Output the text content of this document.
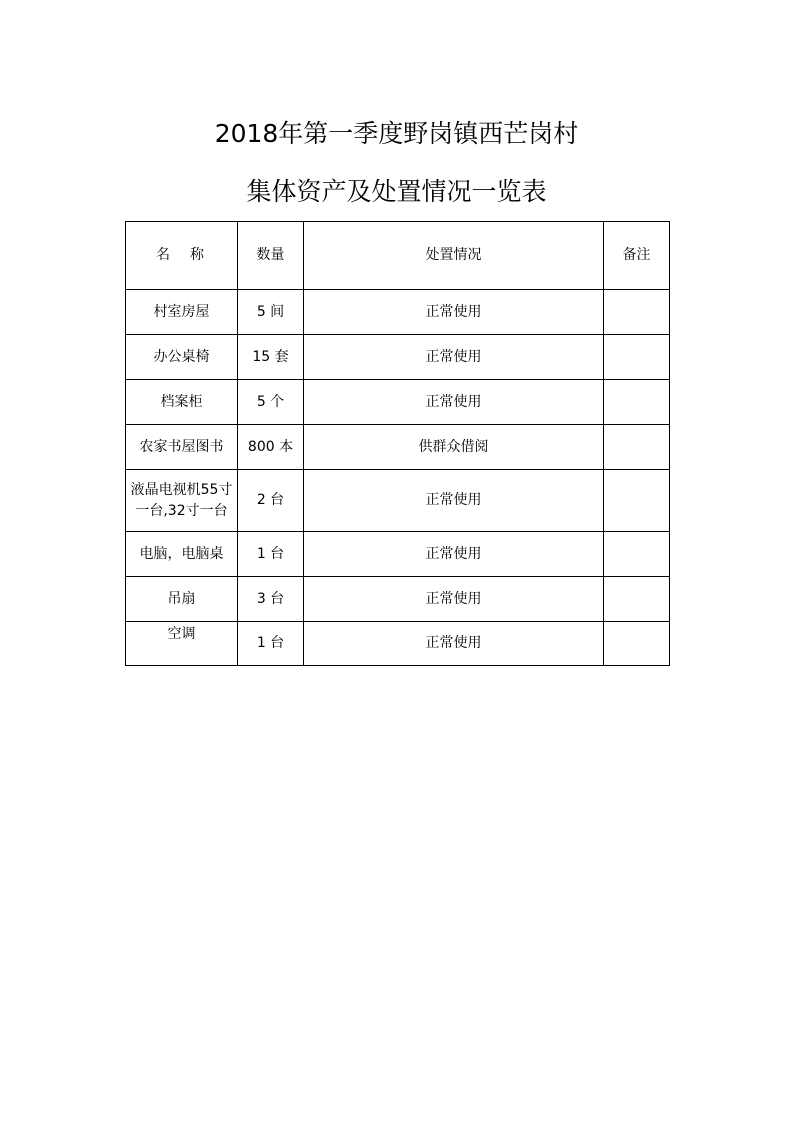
2018年第一季度野岗镇西芒岗村
集体资产及处置情况一览表
名称	数量	处置情况	备注
村室房屋	5 间	正常使用	
办公桌椅	15 套	正常使用	
档案柜	5 个	正常使用	
农家书屋图书	800 本	供群众借阅	
液晶电视机55寸一台,32寸一台	2 台	正常使用	
电脑，电脑桌	1 台	正常使用	
吊扇	3 台	正常使用	
空调	1 台	正常使用	
